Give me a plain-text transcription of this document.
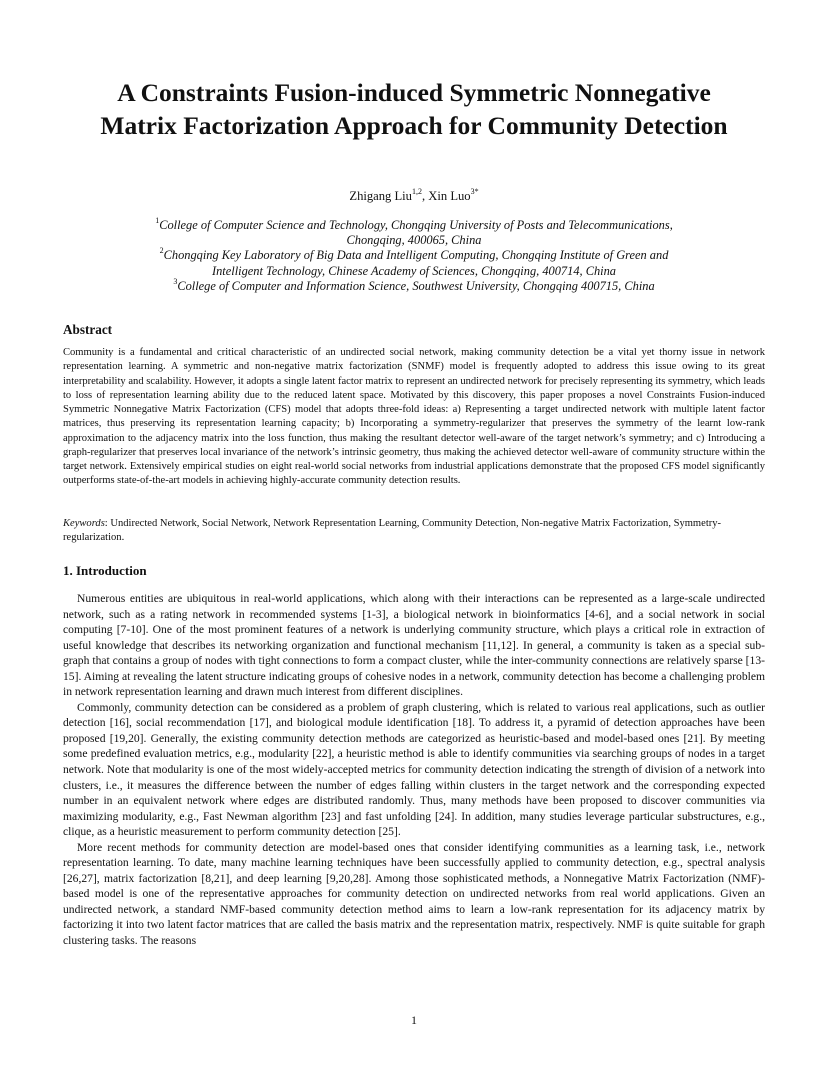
A Constraints Fusion-induced Symmetric Nonnegative
Matrix Factorization Approach for Community Detection
Zhigang Liu$^{1,2}$, Xin Luo$^{3*}$
$^1$College of Computer Science and Technology, Chongqing University of Posts and Telecommunications,
Chongqing, 400065, China
$^2$Chongqing Key Laboratory of Big Data and Intelligent Computing, Chongqing Institute of Green and
Intelligent Technology, Chinese Academy of Sciences, Chongqing, 400714, China
$^3$College of Computer and Information Science, Southwest University, Chongqing 400715, China
Abstract

Community is a fundamental and critical characteristic of an undirected social network, making community detection be a vital yet thorny issue in network representation learning. A symmetric and non-negative matrix factorization (SNMF) model is frequently adopted to address this issue owing to its great interpretability and scalability. However, it adopts a single latent factor matrix to represent an undirected network for precisely representing its symmetry, which leads to loss of representation learning ability due to the reduced latent space. Motivated by this discovery, this paper proposes a novel Constraints Fusion-induced Symmetric Nonnegative Matrix Factorization (CFS) model that adopts three-fold ideas: a) Representing a target undirected network with multiple latent factor matrices, thus preserving its representation learning capacity; b) Incorporating a symmetry-regularizer that preserves the symmetry of the learnt low-rank approximation to the adjacency matrix into the loss function, thus making the resultant detector well-aware of the target network’s symmetry; and c) Introducing a graph-regularizer that preserves local invariance of the network’s intrinsic geometry, thus making the achieved detector well-aware of community structure within the target network. Extensively empirical studies on eight real-world social networks from industrial applications demonstrate that the proposed CFS model significantly outperforms state-of-the-art models in achieving highly-accurate community detection results.

Keywords: Undirected Network, Social Network, Network Representation Learning, Community Detection, Non-negative Matrix Factorization, Symmetry-regularization.

1. Introduction

Numerous entities are ubiquitous in real-world applications, which along with their interactions can be represented as a large-scale undirected network, such as a rating network in recommended systems [1-3], a biological network in bioinformatics [4-6], and a social network in social computing [7-10]. One of the most prominent features of a network is underlying community structure, which plays a critical role in extraction of useful knowledge that describes its networking organization and functional mechanism [11,12]. In general, a community is taken as a special sub-graph that contains a group of nodes with tight connections to form a compact cluster, while the inter-community connections are relatively sparse [13-15]. Aiming at revealing the latent structure indicating groups of cohesive nodes in a network, community detection has become a challenging problem in network representation learning and drawn much interest from different disciplines.

Commonly, community detection can be considered as a problem of graph clustering, which is related to various real applications, such as outlier detection [16], social recommendation [17], and biological module identification [18]. To address it, a pyramid of detection approaches have been proposed [19,20]. Generally, the existing community detection methods are categorized as heuristic-based and model-based ones [21]. By meeting some predefined evaluation metrics, e.g., modularity [22], a heuristic method is able to identify communities via searching groups of nodes in a target network. Note that modularity is one of the most widely-accepted metrics for community detection indicating the strength of division of a network into clusters, i.e., it measures the difference between the number of edges falling within clusters in the target network and the corresponding expected number in an equivalent network where edges are distributed randomly. Thus, many methods have been proposed to discover communities via maximizing modularity, e.g., Fast Newman algorithm [23] and fast unfolding [24]. In addition, many studies leverage particular substructures, e.g., clique, as a heuristic measurement to perform community detection [25].

More recent methods for community detection are model-based ones that consider identifying communities as a learning task, i.e., network representation learning. To date, many machine learning techniques have been successfully applied to community detection, e.g., spectral analysis [26,27], matrix factorization [8,21], and deep learning [9,20,28]. Among those sophisticated methods, a Nonnegative Matrix Factorization (NMF)-based model is one of the representative approaches for community detection on undirected networks from real world applications. Given an undirected network, a standard NMF-based community detection method aims to learn a low-rank representation for its adjacency matrix by factorizing it into two latent factor matrices that are called the basis matrix and the representation matrix, respectively. NMF is quite suitable for graph clustering tasks. The reasons

1
